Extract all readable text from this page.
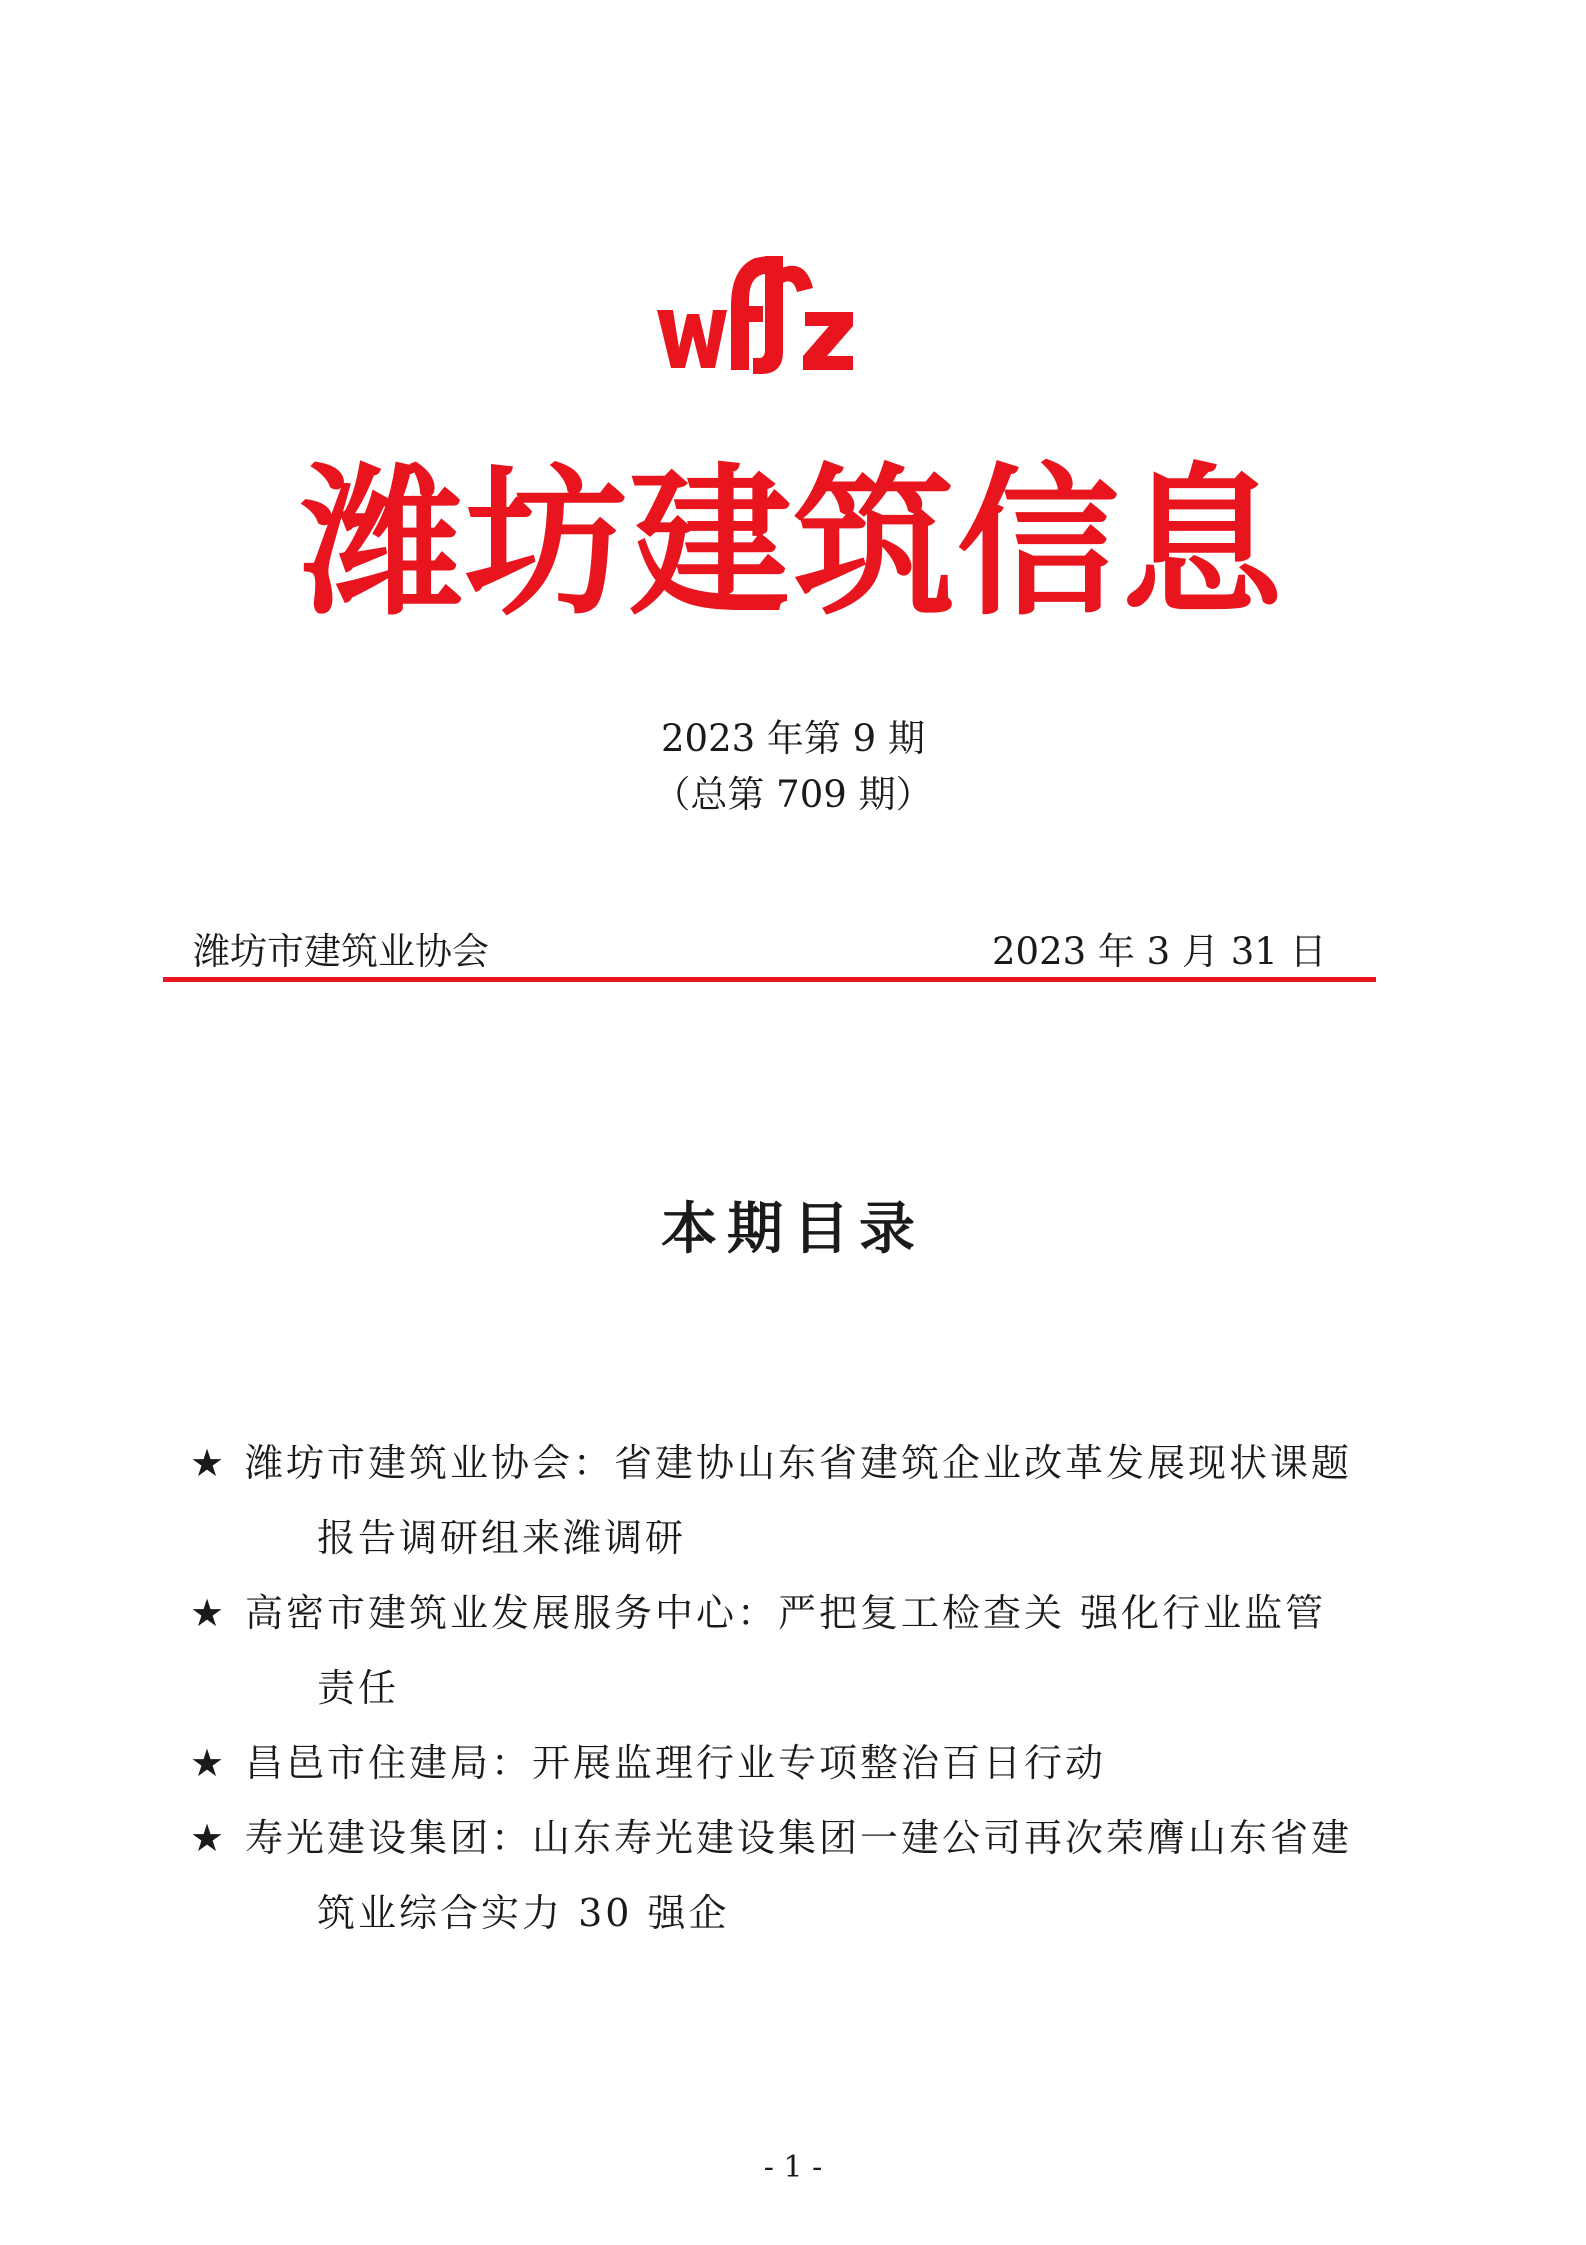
潍坊建筑信息
2023 年第 9 期
（总第 709 期）
潍坊市建筑业协会	2023 年 3 月 31 日
本期目录
★ 潍坊市建筑业协会：省建协山东省建筑企业改革发展现状课题
报告调研组来潍调研
★ 高密市建筑业发展服务中心：严把复工检查关 强化行业监管
责任
★ 昌邑市住建局：开展监理行业专项整治百日行动
★ 寿光建设集团：山东寿光建设集团一建公司再次荣膺山东省建
筑业综合实力 30 强企
- 1 -
